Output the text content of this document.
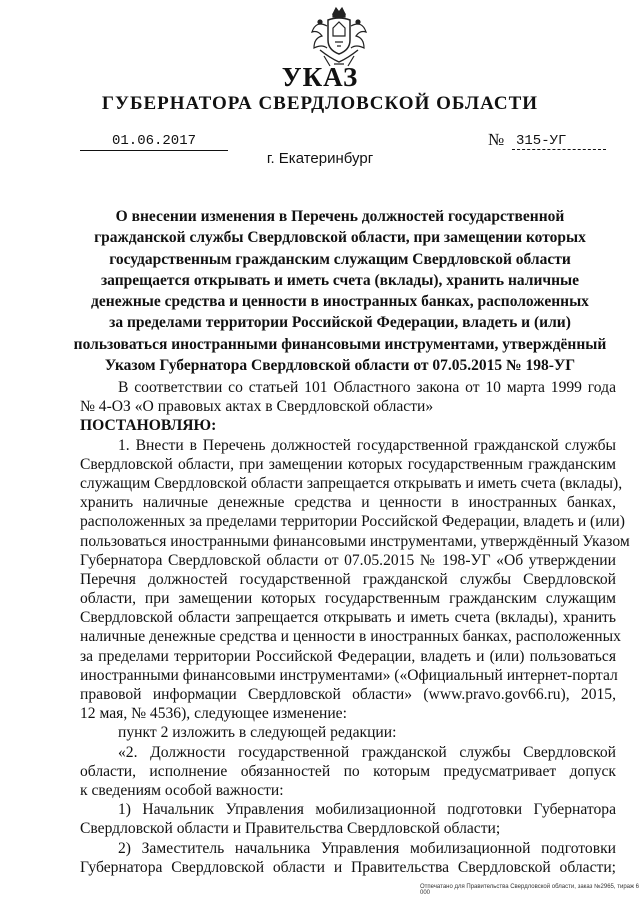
УКАЗ
ГУБЕРНАТОРА СВЕРДЛОВСКОЙ ОБЛАСТИ
01.06.2017	№ 315-УГ
г. Екатеринбург
О внесении изменения в Перечень должностей государственной
гражданской службы Свердловской области, при замещении которых
государственным гражданским служащим Свердловской области
запрещается открывать и иметь счета (вклады), хранить наличные
денежные средства и ценности в иностранных банках, расположенных
за пределами территории Российской Федерации, владеть и (или)
пользоваться иностранными финансовыми инструментами, утверждённый
Указом Губернатора Свердловской области от 07.05.2015 № 198-УГ
В соответствии со статьей 101 Областного закона от 10 марта 1999 года
№ 4-ОЗ «О правовых актах в Свердловской области»
ПОСТАНОВЛЯЮ:
1. Внести в Перечень должностей государственной гражданской службы
Свердловской области, при замещении которых государственным гражданским
служащим Свердловской области запрещается открывать и иметь счета (вклады),
хранить наличные денежные средства и ценности в иностранных банках,
расположенных за пределами территории Российской Федерации, владеть и (или)
пользоваться иностранными финансовыми инструментами, утверждённый Указом
Губернатора Свердловской области от 07.05.2015 № 198-УГ «Об утверждении
Перечня должностей государственной гражданской службы Свердловской
области, при замещении которых государственным гражданским служащим
Свердловской области запрещается открывать и иметь счета (вклады), хранить
наличные денежные средства и ценности в иностранных банках, расположенных
за пределами территории Российской Федерации, владеть и (или) пользоваться
иностранными финансовыми инструментами» («Официальный интернет-портал
правовой информации Свердловской области» (www.pravo.gov66.ru), 2015,
12 мая, № 4536), следующее изменение:
пункт 2 изложить в следующей редакции:
«2. Должности государственной гражданской службы Свердловской
области, исполнение обязанностей по которым предусматривает допуск
к сведениям особой важности:
1) Начальник Управления мобилизационной подготовки Губернатора
Свердловской области и Правительства Свердловской области;
2) Заместитель начальника Управления мобилизационной подготовки
Губернатора Свердловской области и Правительства Свердловской области;
Отпечатано для Правительства Свердловской области, заказ №2965, тираж 6 000
